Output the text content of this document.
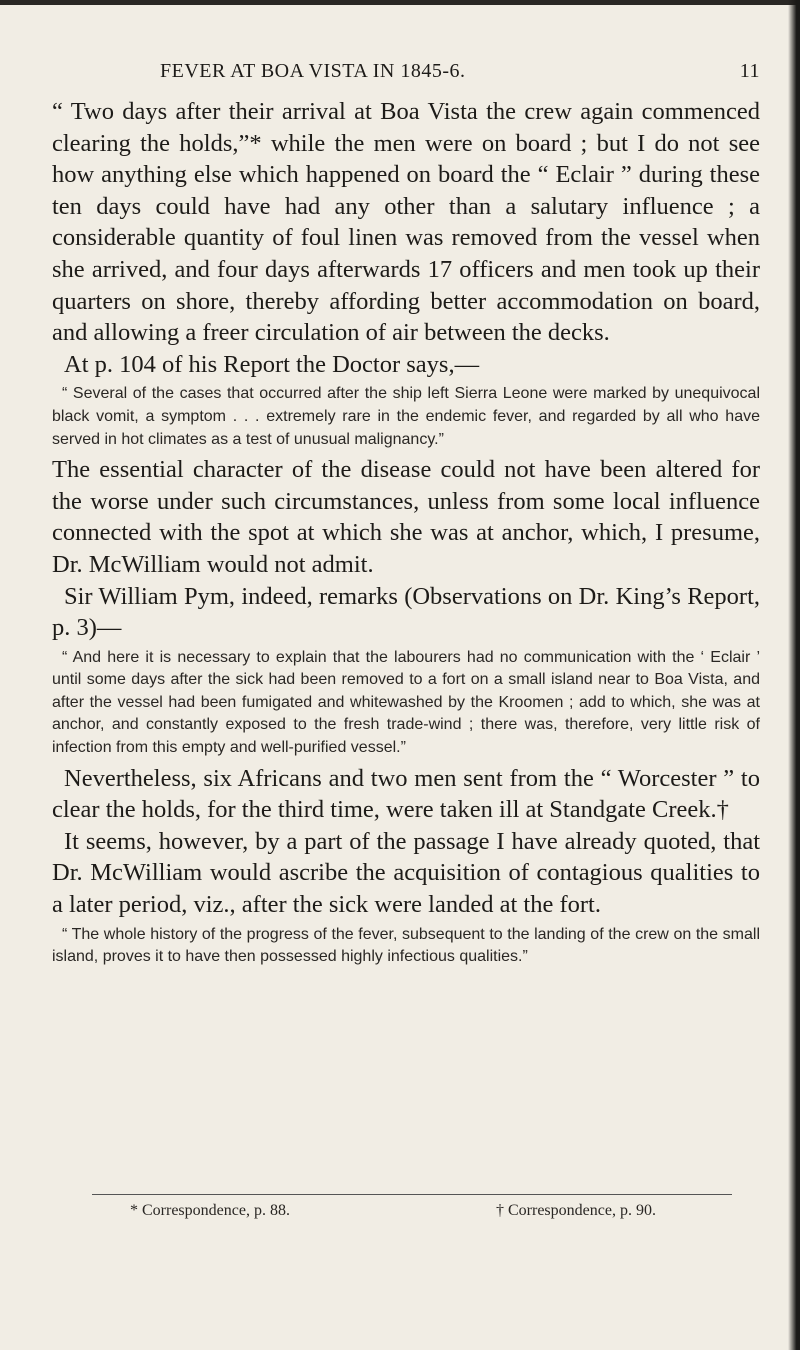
FEVER AT BOA VISTA IN 1845-6.	11

“ Two days after their arrival at Boa Vista the crew again commenced clearing the holds,”* while the men were on board ; but I do not see how anything else which happened on board the “ Eclair ” during these ten days could have had any other than a salutary influence ; a considerable quantity of foul linen was removed from the vessel when she arrived, and four days afterwards 17 officers and men took up their quarters on shore, thereby affording better accommodation on board, and allowing a freer circulation of air between the decks.

At p. 104 of his Report the Doctor says,—

“ Several of the cases that occurred after the ship left Sierra Leone were marked by unequivocal black vomit, a symptom . . . extremely rare in the endemic fever, and regarded by all who have served in hot climates as a test of unusual malignancy.”

The essential character of the disease could not have been altered for the worse under such circumstances, unless from some local influence connected with the spot at which she was at anchor, which, I presume, Dr. McWilliam would not admit.

Sir William Pym, indeed, remarks (Observations on Dr. King’s Report, p. 3)—

“ And here it is necessary to explain that the labourers had no communication with the ‘ Eclair ’ until some days after the sick had been removed to a fort on a small island near to Boa Vista, and after the vessel had been fumigated and whitewashed by the Kroomen ; add to which, she was at anchor, and constantly exposed to the fresh trade-wind ; there was, therefore, very little risk of infection from this empty and well-purified vessel.”

Nevertheless, six Africans and two men sent from the “ Worcester ” to clear the holds, for the third time, were taken ill at Standgate Creek.†

It seems, however, by a part of the passage I have already quoted, that Dr. McWilliam would ascribe the acquisition of contagious qualities to a later period, viz., after the sick were landed at the fort.

“ The whole history of the progress of the fever, subsequent to the landing of the crew on the small island, proves it to have then possessed highly infectious qualities.”

* Correspondence, p. 88.	† Correspondence, p. 90.
